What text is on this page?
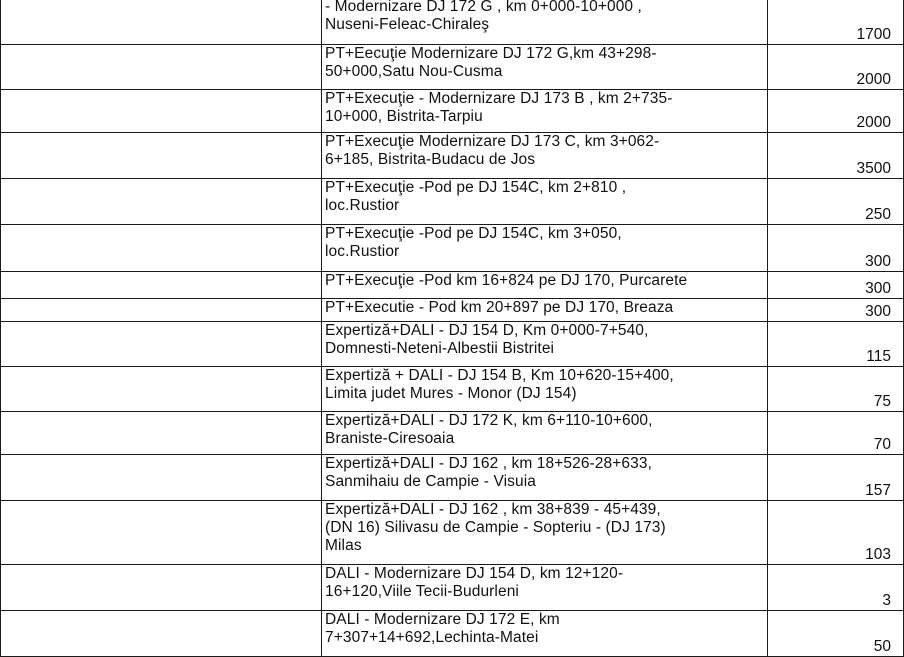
	- Modernizare DJ 172 G , km 0+000-10+000 ,
Nuseni-Feleac-Chiraleş	1700
	PT+Eecuţie Modernizare DJ 172 G,km 43+298-
50+000,Satu Nou-Cusma	2000
	PT+Execuţie - Modernizare DJ 173 B , km 2+735-
10+000, Bistrita-Tarpiu	2000
	PT+Execuţie Modernizare DJ 173 C, km 3+062-
6+185, Bistrita-Budacu de Jos	3500
	PT+Execuţie -Pod pe DJ 154C, km 2+810 ,
loc.Rustior	250
	PT+Execuţie -Pod pe DJ 154C, km 3+050,
loc.Rustior	300
	PT+Execuţie -Pod km 16+824 pe DJ 170, Purcarete	300
	PT+Executie - Pod km 20+897 pe DJ 170, Breaza	300
	Expertiză+DALI - DJ 154 D, Km 0+000-7+540,
Domnesti-Neteni-Albestii Bistritei	115
	Expertiză + DALI - DJ 154 B, Km 10+620-15+400,
Limita judet Mures - Monor (DJ 154)	75
	Expertiză+DALI - DJ 172 K, km 6+110-10+600,
Braniste-Ciresoaia	70
	Expertiză+DALI - DJ 162 , km 18+526-28+633,
Sanmihaiu de Campie - Visuia	157
	Expertiză+DALI - DJ 162 , km 38+839 - 45+439,
(DN 16) Silivasu de Campie - Sopteriu - (DJ 173)
Milas	103
	DALI - Modernizare DJ 154 D, km 12+120-
16+120,Viile Tecii-Budurleni	3
	DALI - Modernizare DJ 172 E, km
7+307+14+692,Lechinta-Matei	50
